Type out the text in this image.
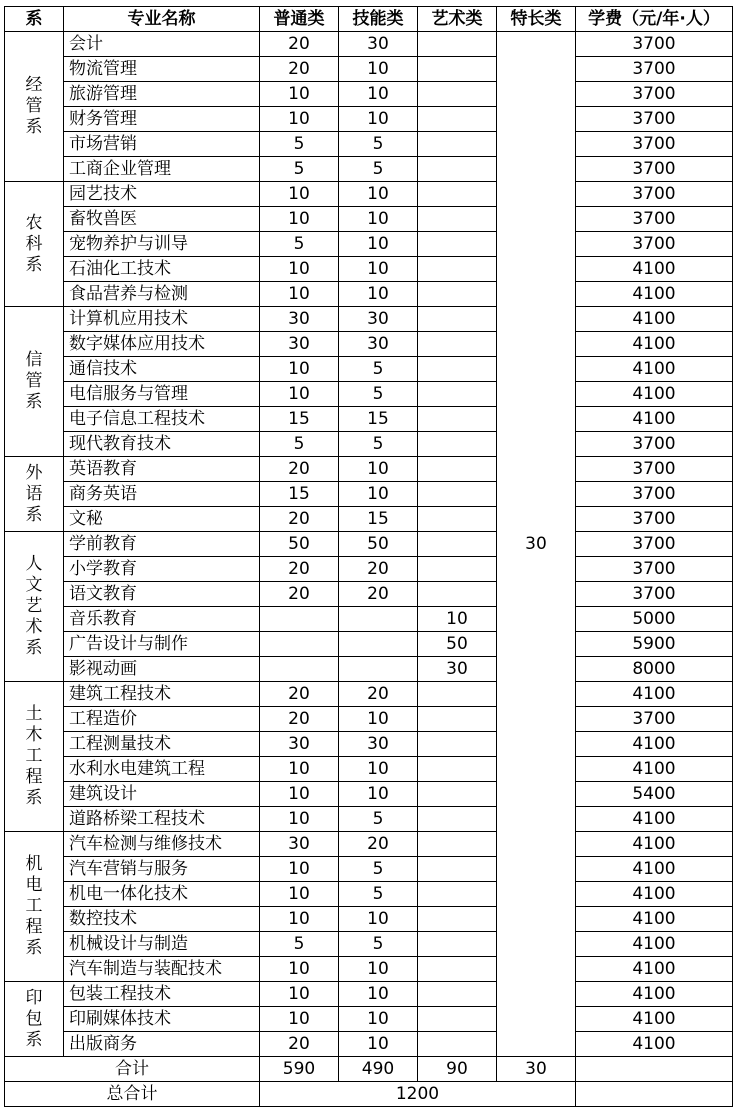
系	专业名称	普通类	技能类	艺术类	特长类	学费（元/年·人）
经管系	会计	20	30		30	3700
	物流管理	20	10			3700
	旅游管理	10	10			3700
	财务管理	10	10			3700
	市场营销	5	5			3700
	工商企业管理	5	5			3700
农科系	园艺技术	10	10			3700
	畜牧兽医	10	10			3700
	宠物养护与训导	5	10			3700
	石油化工技术	10	10			4100
	食品营养与检测	10	10			4100
信管系	计算机应用技术	30	30			4100
	数字媒体应用技术	30	30			4100
	通信技术	10	5			4100
	电信服务与管理	10	5			4100
	电子信息工程技术	15	15			4100
	现代教育技术	5	5			3700
外语系	英语教育	20	10			3700
	商务英语	15	10			3700
	文秘	20	15			3700
人文艺术系	学前教育	50	50			3700
	小学教育	20	20			3700
	语文教育	20	20			3700
	音乐教育			10		5000
	广告设计与制作			50		5900
	影视动画			30		8000
土木工程系	建筑工程技术	20	20			4100
	工程造价	20	10			3700
	工程测量技术	30	30			4100
	水利水电建筑工程	10	10			4100
	建筑设计	10	10			5400
	道路桥梁工程技术	10	5			4100
机电工程系	汽车检测与维修技术	30	20			4100
	汽车营销与服务	10	5			4100
	机电一体化技术	10	5			4100
	数控技术	10	10			4100
	机械设计与制造	5	5			4100
	汽车制造与装配技术	10	10			4100
印包系	包装工程技术	10	10			4100
	印刷媒体技术	10	10			4100
	出版商务	20	10			4100
合计		590	490	90	30	
总合计		1200				
